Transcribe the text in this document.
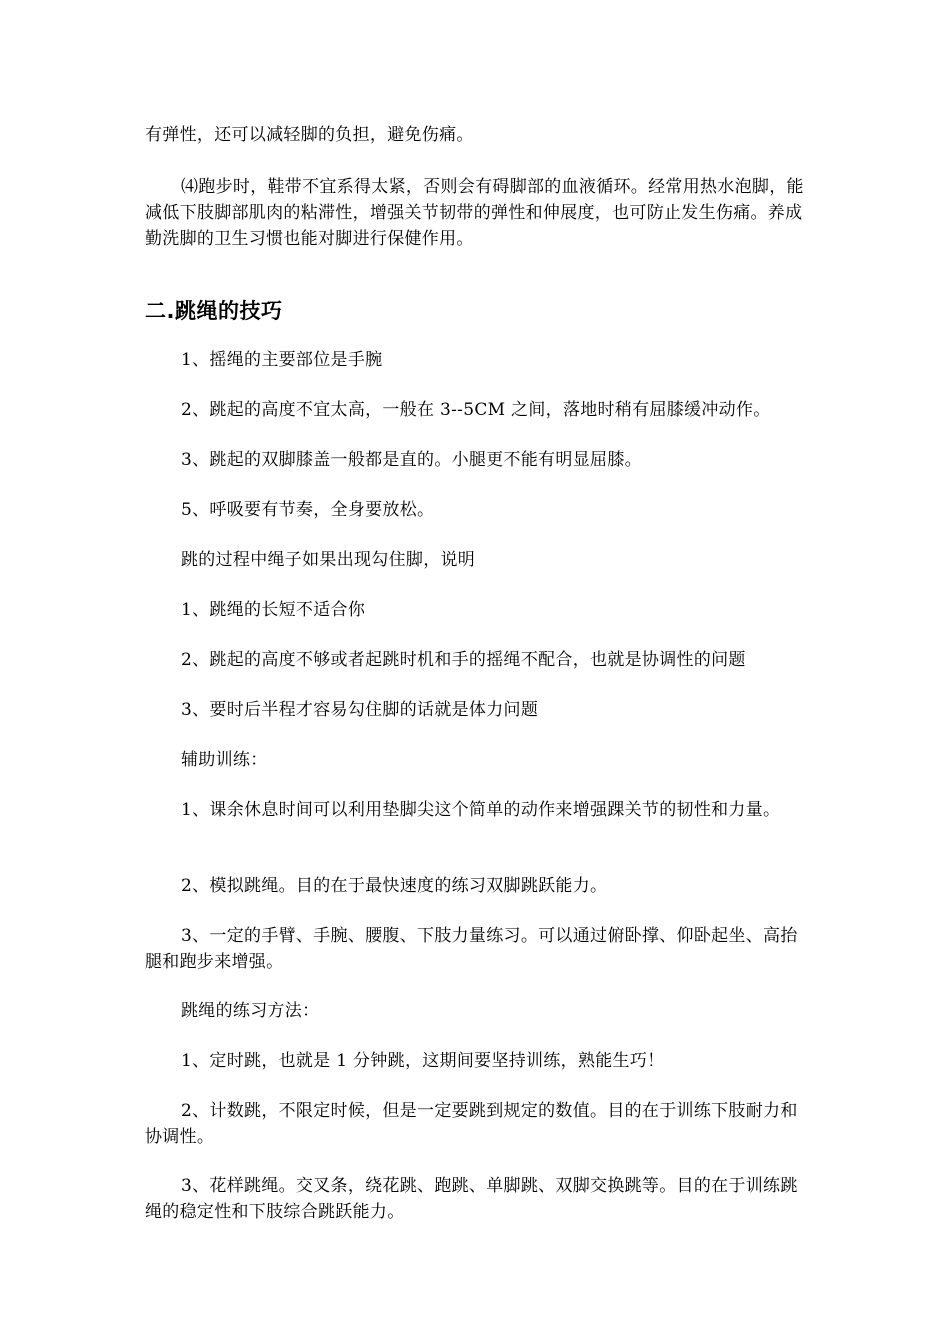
有弹性，还可以减轻脚的负担，避免伤痛。

⑷跑步时，鞋带不宜系得太紧，否则会有碍脚部的血液循环。经常用热水泡脚，能减低下肢脚部肌肉的粘滞性，增强关节韧带的弹性和伸展度，也可防止发生伤痛。养成勤洗脚的卫生习惯也能对脚进行保健作用。

二.跳绳的技巧

1、摇绳的主要部位是手腕

2、跳起的高度不宜太高，一般在 3--5CM 之间，落地时稍有屈膝缓冲动作。

3、跳起的双脚膝盖一般都是直的。小腿更不能有明显屈膝。

5、呼吸要有节奏，全身要放松。

跳的过程中绳子如果出现勾住脚，说明

1、跳绳的长短不适合你

2、跳起的高度不够或者起跳时机和手的摇绳不配合，也就是协调性的问题

3、要时后半程才容易勾住脚的话就是体力问题

辅助训练：

1、课余休息时间可以利用垫脚尖这个简单的动作来增强踝关节的韧性和力量。

2、模拟跳绳。目的在于最快速度的练习双脚跳跃能力。

3、一定的手臂、手腕、腰腹、下肢力量练习。可以通过俯卧撑、仰卧起坐、高抬腿和跑步来增强。

跳绳的练习方法：

1、定时跳，也就是 1 分钟跳，这期间要坚持训练，熟能生巧！

2、计数跳，不限定时候，但是一定要跳到规定的数值。目的在于训练下肢耐力和协调性。

3、花样跳绳。交叉条，绕花跳、跑跳、单脚跳、双脚交换跳等。目的在于训练跳绳的稳定性和下肢综合跳跃能力。
